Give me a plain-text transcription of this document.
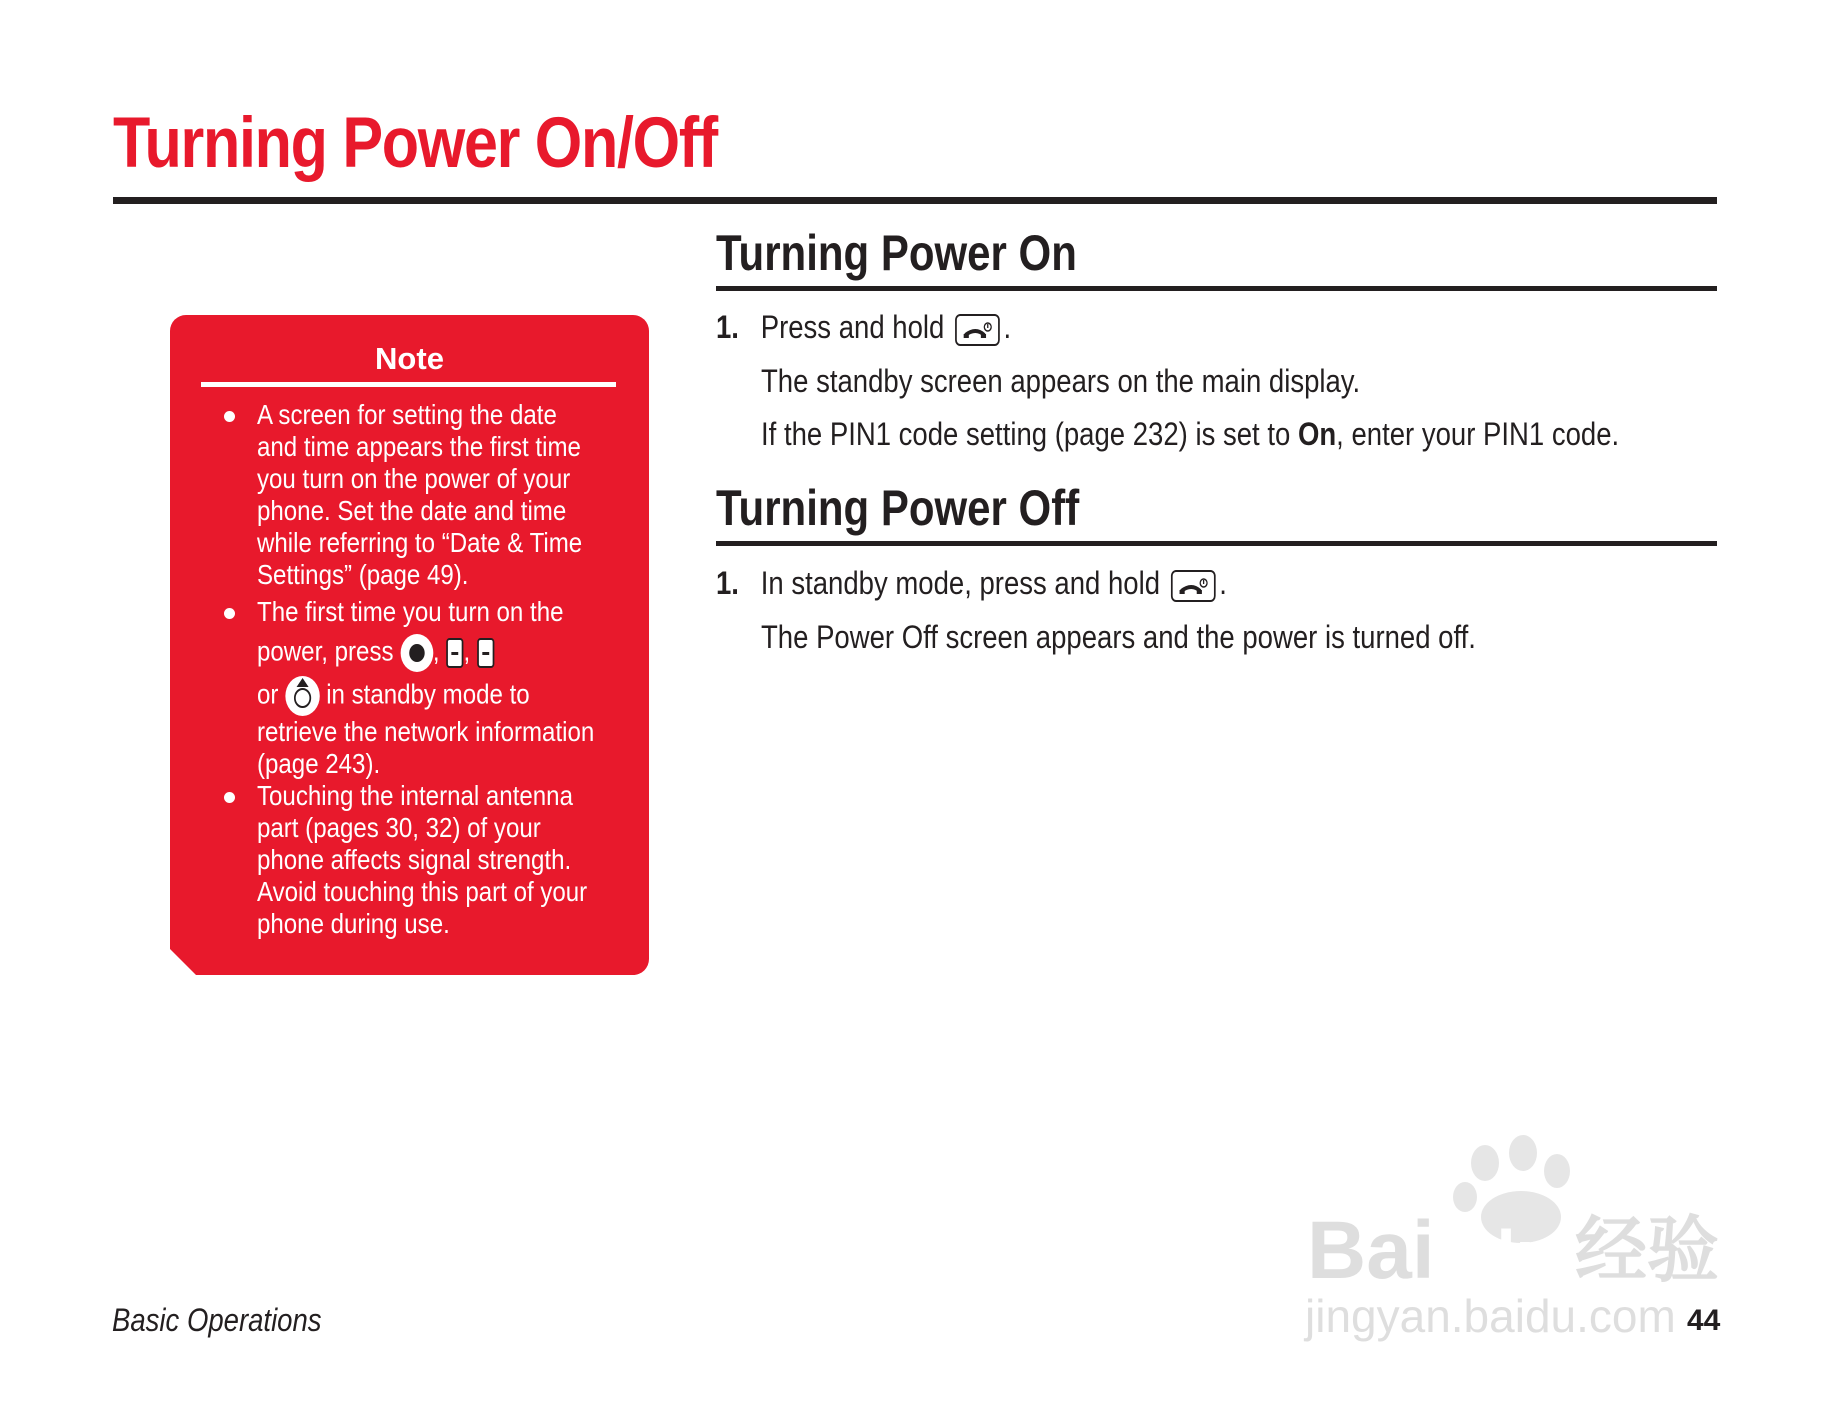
Turning Power On/Off
Note
A screen for setting the date
and time appears the first time
you turn on the power of your
phone. Set the date and time
while referring to “Date & Time
Settings” (page 49).
The first time you turn on the
power, press , ,
or in standby mode to
retrieve the network information
(page 243).
Touching the internal antenna
part (pages 30, 32) of your
phone affects signal strength.
Avoid touching this part of your
phone during use.
Turning Power On
1. Press and hold .
The standby screen appears on the main display.
If the PIN1 code setting (page 232) is set to On, enter your PIN1 code.
Turning Power Off
1. In standby mode, press and hold .
The Power Off screen appears and the power is turned off.
Bai du 经验
jingyan.baidu.com
Basic Operations	44
